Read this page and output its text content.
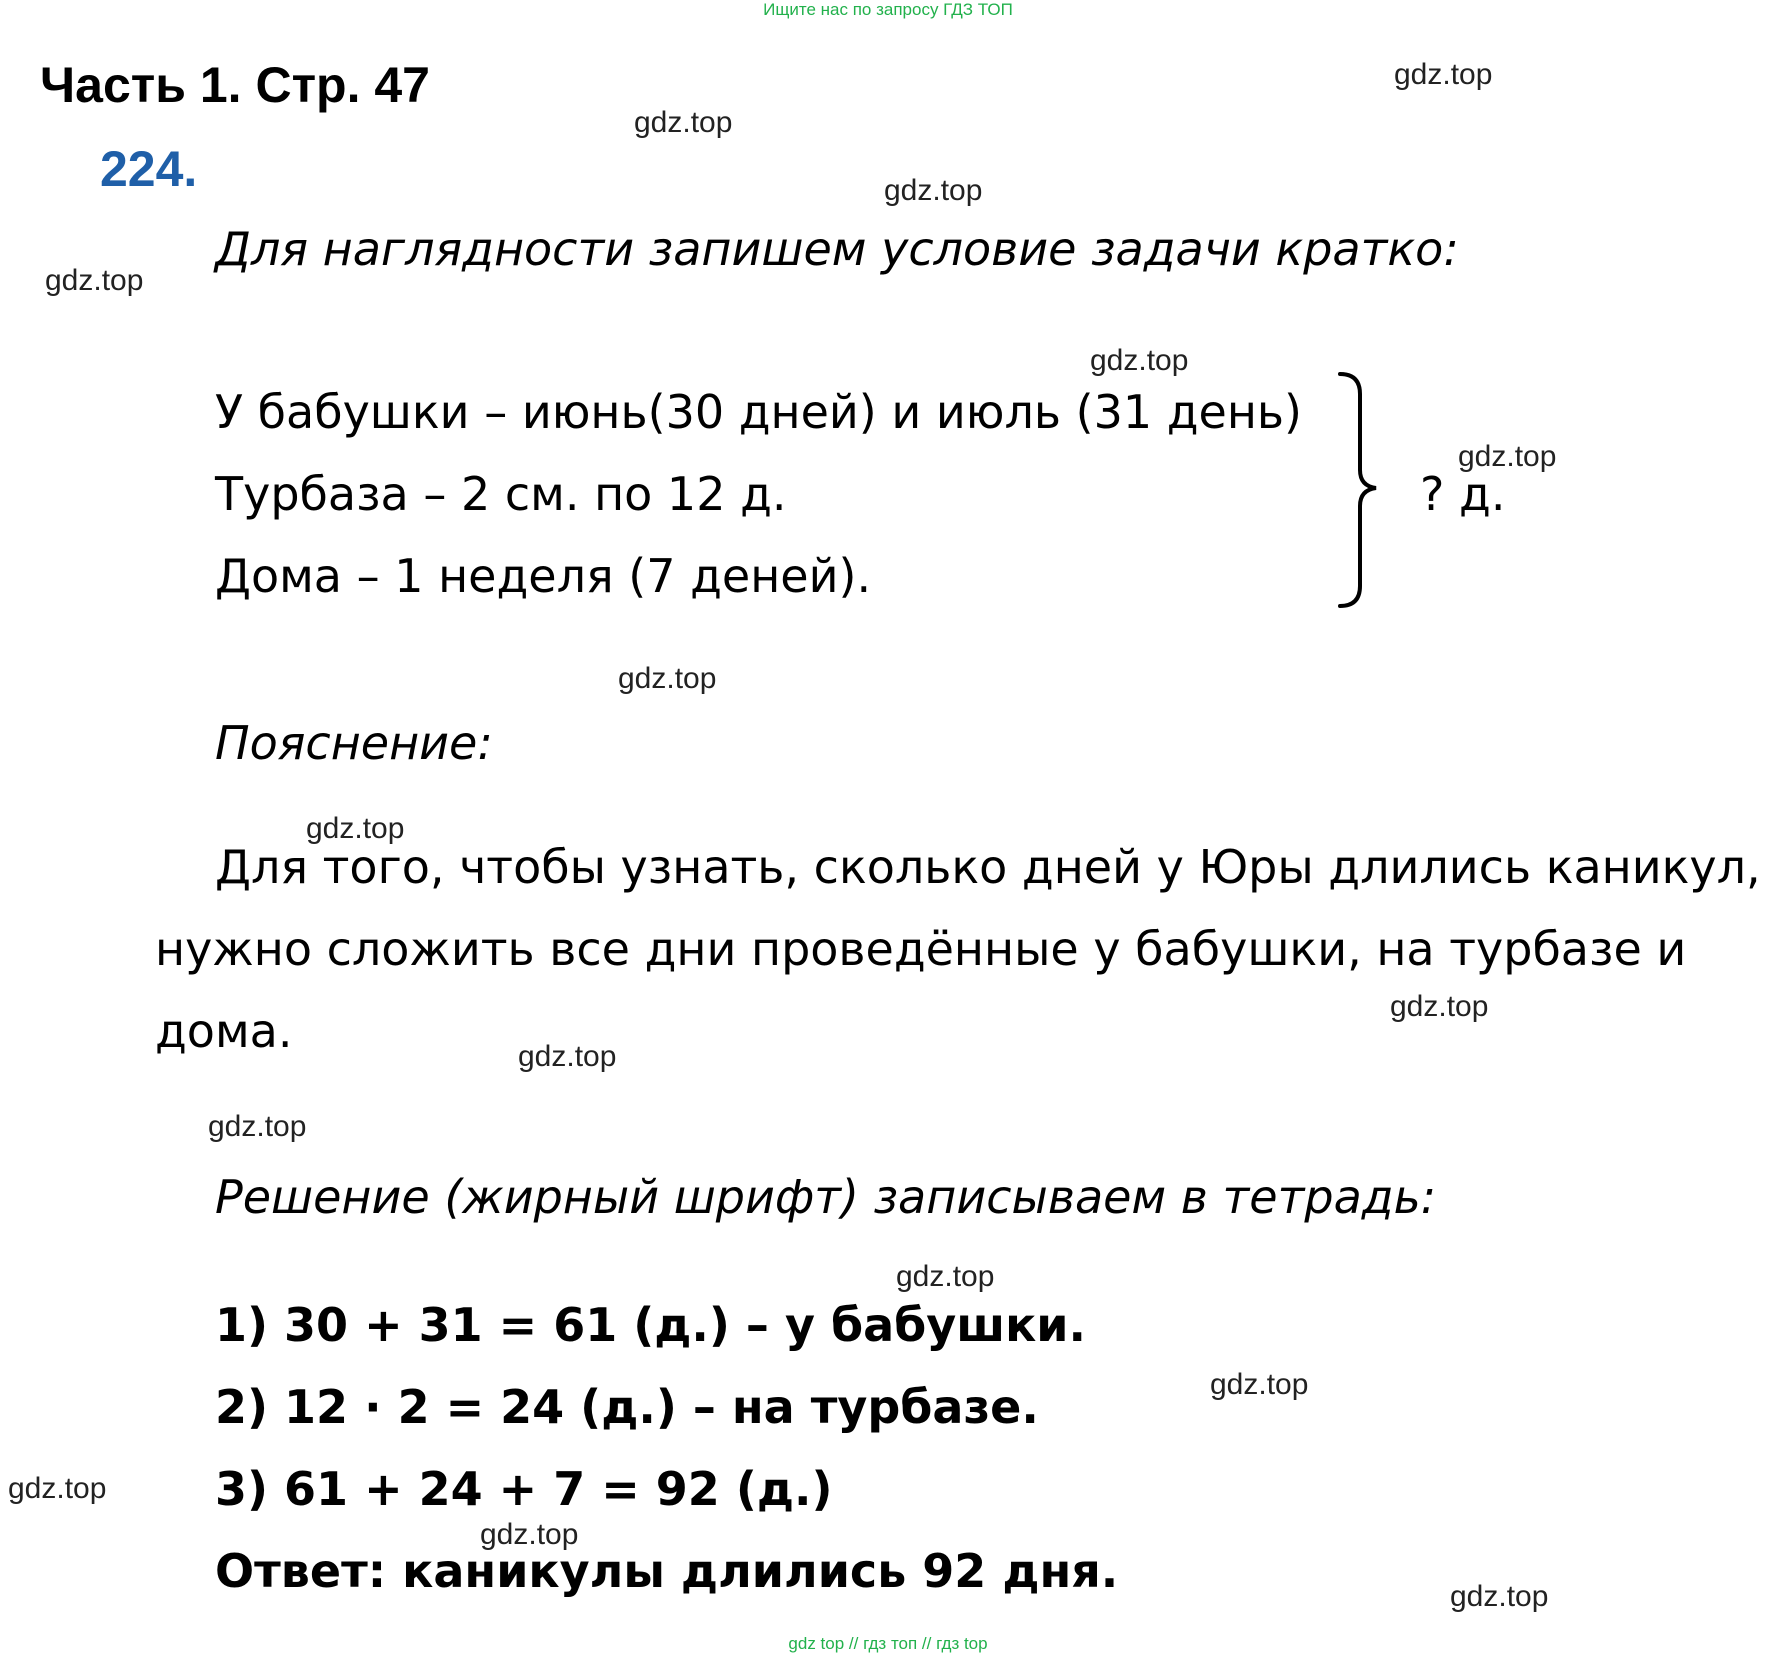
Ищите нас по запросу ГДЗ ТОП
gdz top // гдз топ // гдз top
Часть 1. Стр. 47
224.
Для наглядности запишем условие задачи кратко:
У бабушки – июнь(30 дней) и июль (31 день)
Турбаза – 2 см. по 12 д.
Дома – 1 неделя (7 деней).
? д.
Пояснение:
Для того, чтобы узнать, сколько дней у Юры длились каникул,
нужно сложить все дни проведённые у бабушки, на турбазе и
дома.
Решение (жирный шрифт) записываем в тетрадь:
1) 30 + 31 = 61 (д.) – у бабушки.
2) 12 · 2 = 24 (д.) – на турбазе.
3) 61 + 24 + 7 = 92 (д.)
Ответ: каникулы длились 92 дня.
gdz.top
gdz.top
gdz.top
gdz.top
gdz.top
gdz.top
gdz.top
gdz.top
gdz.top
gdz.top
gdz.top
gdz.top
gdz.top
gdz.top
gdz.top
gdz.top
